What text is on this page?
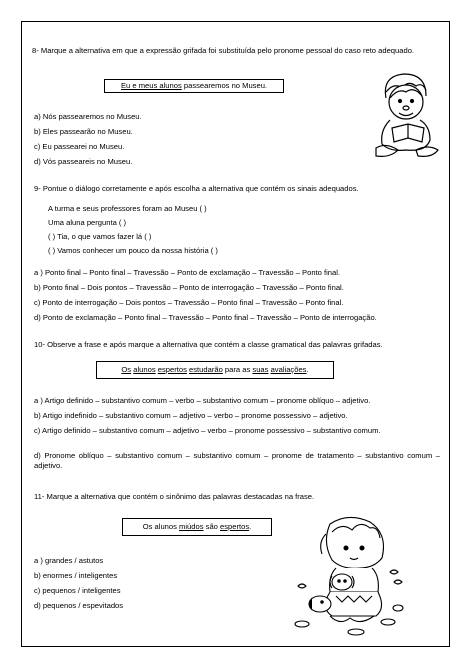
8- Marque a alternativa em que a expressão grifada foi substituída pelo pronome pessoal do caso reto adequado.
Eu e meus alunos passearemos no Museu.
a) Nós passearemos no Museu.
b) Eles passearão no Museu.
c) Eu passearei no Museu.
d) Vós passeareis no Museu.
9- Pontue o diálogo corretamente e após escolha a alternativa que contém os sinais adequados.
A turma e seus professores foram ao Museu ( )
Uma aluna pergunta ( )
( ) Tia, o que vamos fazer lá ( )
( ) Vamos conhecer um pouco da nossa história ( )
a ) Ponto final – Ponto final – Travessão – Ponto de exclamação – Travessão – Ponto final.
b) Ponto final – Dois pontos – Travessão – Ponto de interrogação – Travessão – Ponto final.
c) Ponto de interrogação – Dois pontos – Travessão – Ponto final – Travessão – Ponto final.
d) Ponto de exclamação – Ponto final – Travessão – Ponto final – Travessão – Ponto de interrogação.
10- Observe a frase e após marque a alternativa que contém a classe gramatical das palavras grifadas.
Os alunos espertos estudarão para as suas avaliações.
a ) Artigo definido – substantivo comum – verbo – substantivo comum – pronome oblíquo – adjetivo.
b) Artigo indefinido – substantivo comum – adjetivo – verbo – pronome possessivo – adjetivo.
c) Artigo definido – substantivo comum – adjetivo – verbo – pronome possessivo – substantivo comum.
d) Pronome oblíquo – substantivo comum – substantivo comum – pronome de tratamento – substantivo comum – adjetivo.
11- Marque a alternativa que contém o sinônimo das palavras destacadas na frase.
Os alunos miúdos são espertos.
a ) grandes / astutos
b) enormes / inteligentes
c) pequenos / inteligentes
d) pequenos / espevitados
